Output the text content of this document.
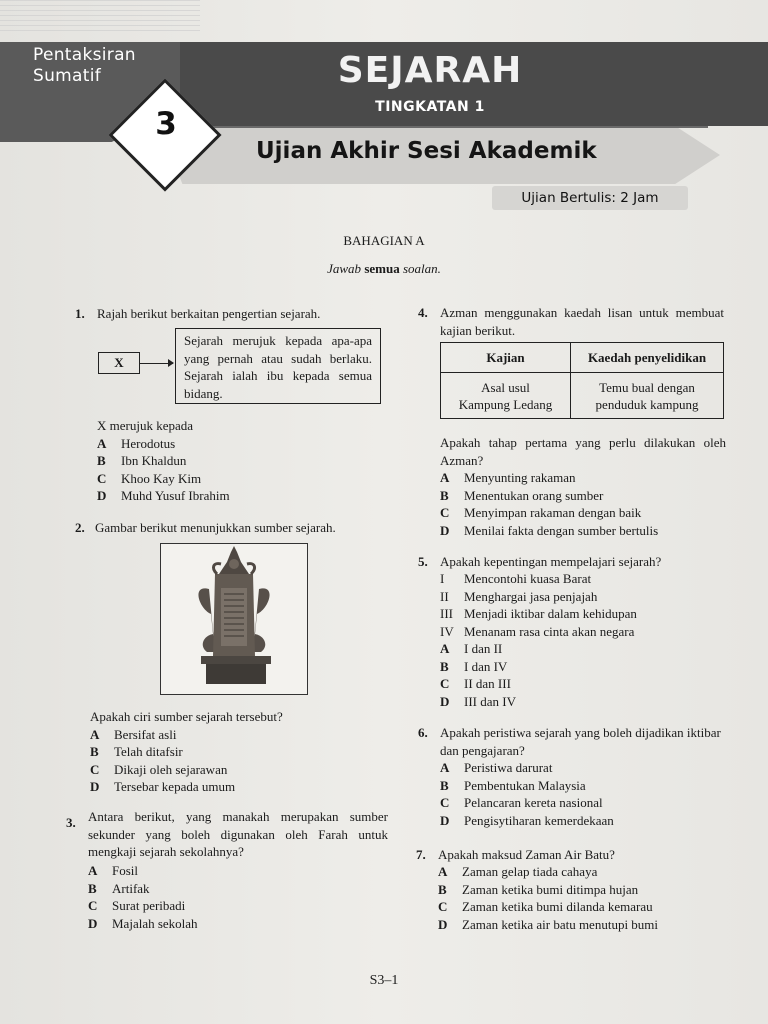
Pentaksiran
Sumatif	SEJARAH
TINGKATAN 1
3
Ujian Akhir Sesi Akademik
Ujian Bertulis: 2 Jam
BAHAGIAN A
Jawab semua soalan.
1. Rajah berikut berkaitan pengertian sejarah.
X
Sejarah merujuk kepada apa-apa yang pernah atau sudah berlaku. Sejarah ialah ibu kepada semua bidang.
X merujuk kepada
A	Herodotus
B	Ibn Khaldun
C	Khoo Kay Kim
D	Muhd Yusuf Ibrahim
2. Gambar berikut menunjukkan sumber sejarah.
Apakah ciri sumber sejarah tersebut?
A	Bersifat asli
B	Telah ditafsir
C	Dikaji oleh sejarawan
D	Tersebar kepada umum
3. Antara berikut, yang manakah merupakan sumber sekunder yang boleh digunakan oleh Farah untuk mengkaji sejarah sekolahnya?
A	Fosil
B	Artifak
C	Surat peribadi
D	Majalah sekolah
4. Azman menggunakan kaedah lisan untuk membuat kajian berikut.
Kajian	Kaedah penyelidikan

Asal usul Kampung Ledang	Temu bual dengan penduduk kampung
Apakah tahap pertama yang perlu dilakukan oleh Azman?
A	Menyunting rakaman
B	Menentukan orang sumber
C	Menyimpan rakaman dengan baik
D	Menilai fakta dengan sumber bertulis
5. Apakah kepentingan mempelajari sejarah?
I	Mencontohi kuasa Barat
II	Menghargai jasa penjajah
III Menjadi iktibar dalam kehidupan
IV Menanam rasa cinta akan negara
A	I dan II
B	I dan IV
C	II dan III
D	III dan IV
6. Apakah peristiwa sejarah yang boleh dijadikan iktibar dan pengajaran?
A	Peristiwa darurat
B	Pembentukan Malaysia
C	Pelancaran kereta nasional
D	Pengisytiharan kemerdekaan
7. Apakah maksud Zaman Air Batu?
A	Zaman gelap tiada cahaya
B	Zaman ketika bumi ditimpa hujan
C	Zaman ketika bumi dilanda kemarau
D	Zaman ketika air batu menutupi bumi
S3–1
